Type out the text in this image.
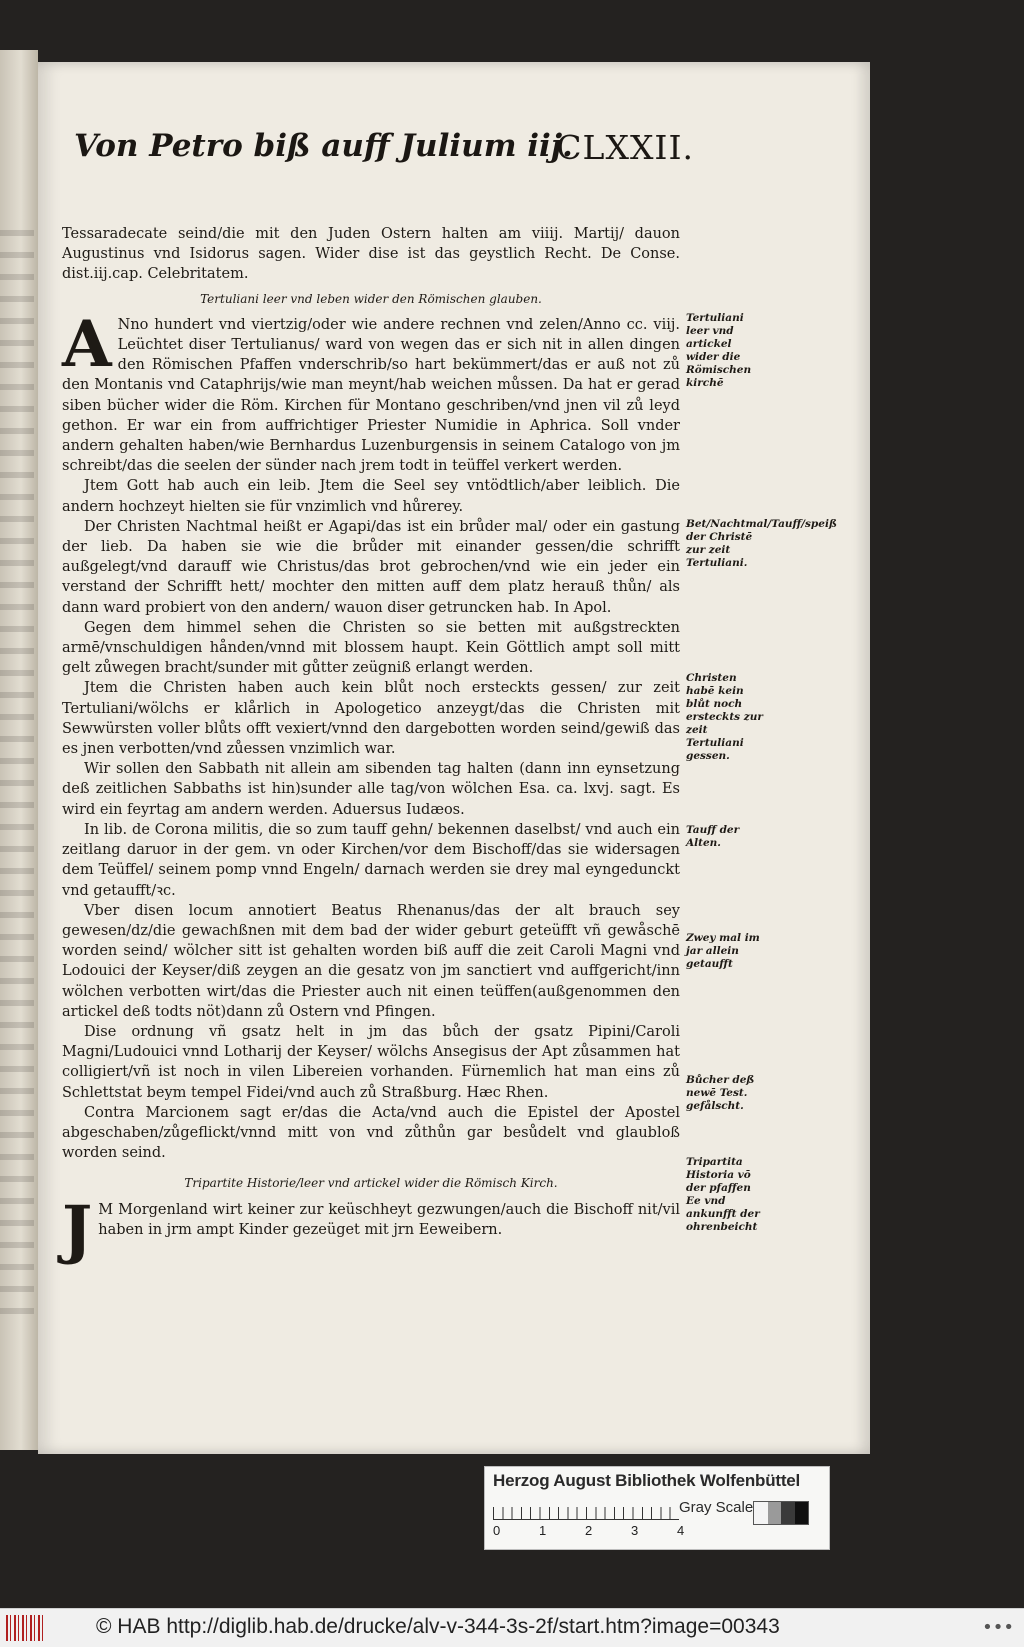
Von Petro biß auff Julium iij.
CLXXII.

Tessaradecate seind/die mit den Juden Ostern halten am viiij. Martij/ dauon Augustinus vnd Isidorus sagen. Wider dise ist das geystlich Recht. De Conse. dist.iij.cap. Celebritatem.

Tertuliani leer vnd leben wider den Römischen glauben.

A Nno hundert vnd viertzig/oder wie andere rechnen vnd zelen/Anno cc. viij. Leüchtet diser Tertulianus/ ward von wegen das er sich nit in allen dingen den Römischen Pfaffen vnderschrib/so hart bekümmert/das er auß not zů den Montanis vnd Cataphrijs/wie man meynt/hab weichen můssen. Da hat er gerad siben bücher wider die Röm. Kirchen für Montano geschriben/vnd jnen vil zů leyd gethon. Er war ein from auffrichtiger Priester Numidie in Aphrica. Soll vnder andern gehalten haben/wie Bernhardus Luzenburgensis in seinem Catalogo von jm schreibt/das die seelen der sünder nach jrem todt in teüffel verkert werden.

Jtem Gott hab auch ein leib. Jtem die Seel sey vntödtlich/aber leiblich. Die andern hochzeyt hielten sie für vnzimlich vnd hůrerey.

Der Christen Nachtmal heißt er Agapi/das ist ein brůder mal/ oder ein gastung der lieb. Da haben sie wie die brůder mit einander gessen/die schrifft außgelegt/vnd darauff wie Christus/das brot gebrochen/vnd wie ein jeder ein verstand der Schrifft hett/ mochter den mitten auff dem platz herauß thůn/ als dann ward probiert von den andern/ wauon diser getruncken hab. In Apol.

Gegen dem himmel sehen die Christen so sie betten mit außgstreckten armē/vnschuldigen hånden/vnnd mit blossem haupt. Kein Göttlich ampt soll mitt gelt zůwegen bracht/sunder mit gůtter zeügniß erlangt werden.

Jtem die Christen haben auch kein blůt noch ersteckts gessen/ zur zeit Tertuliani/wölchs er klårlich in Apologetico anzeygt/das die Christen mit Sewwürsten voller blůts offt vexiert/vnnd den dargebotten worden seind/gewiß das es jnen verbotten/vnd zůessen vnzimlich war.

Wir sollen den Sabbath nit allein am sibenden tag halten (dann inn eynsetzung deß zeitlichen Sabbaths ist hin)sunder alle tag/von wölchen Esa. ca. lxvj. sagt. Es wird ein feyrtag am andern werden. Aduersus Iudæos.

In lib. de Corona militis, die so zum tauff gehn/ bekennen daselbst/ vnd auch ein zeitlang daruor in der gem. vn oder Kirchen/vor dem Bischoff/das sie widersagen dem Teüffel/ seinem pomp vnnd Engeln/ darnach werden sie drey mal eyngedunckt vnd getaufft/ꝛc.

Vber disen locum annotiert Beatus Rhenanus/das der alt brauch sey gewesen/dz/die gewachßnen mit dem bad der wider geburt geteüfft vñ gewåschē worden seind/ wölcher sitt ist gehalten worden biß auff die zeit Caroli Magni vnd Lodouici der Keyser/diß zeygen an die gesatz von jm sanctiert vnd auffgericht/inn wölchen verbotten wirt/das die Priester auch nit einen teüffen(außgenommen den artickel deß todts nöt)dann zů Ostern vnd Pfingen.

Dise ordnung vñ gsatz helt in jm das bůch der gsatz Pipini/Caroli Magni/Ludouici vnnd Lotharij der Keyser/ wölchs Ansegisus der Apt zůsammen hat colligiert/vñ ist noch in vilen Libereien vorhanden. Fürnemlich hat man eins zů Schlettstat beym tempel Fidei/vnd auch zů Straßburg. Hæc Rhen.

Contra Marcionem sagt er/das die Acta/vnd auch die Epistel der Apostel abgeschaben/zůgeflickt/vnnd mitt von vnd zůthůn gar besůdelt vnd glaubloß worden seind.

Tripartite Historie/leer vnd artickel wider die Römisch Kirch.

J M Morgenland wirt keiner zur keüschheyt gezwungen/auch die Bischoff nit/vil haben in jrm ampt Kinder gezeüget mit jrn Eeweibern.

Tertuliani leer vnd artickel wider die Römischen kirchē
Bet/Nachtmal/Tauff/speiß der Christē zur zeit Tertuliani.
Christen habē kein blůt noch ersteckts zur zeit Tertuliani gessen.
Tauff der Alten.
Zwey mal im jar allein getaufft
Bůcher deß newē Test. gefålscht.
Tripartita Historia vō der pfaffen Ee vnd ankunfft der ohrenbeicht
Herzog August Bibliothek Wolfenbüttel
0	1	2	3	4
Gray Scale
© HAB http://diglib.hab.de/drucke/alv-v-344-3s-2f/start.htm?image=00343	•••
